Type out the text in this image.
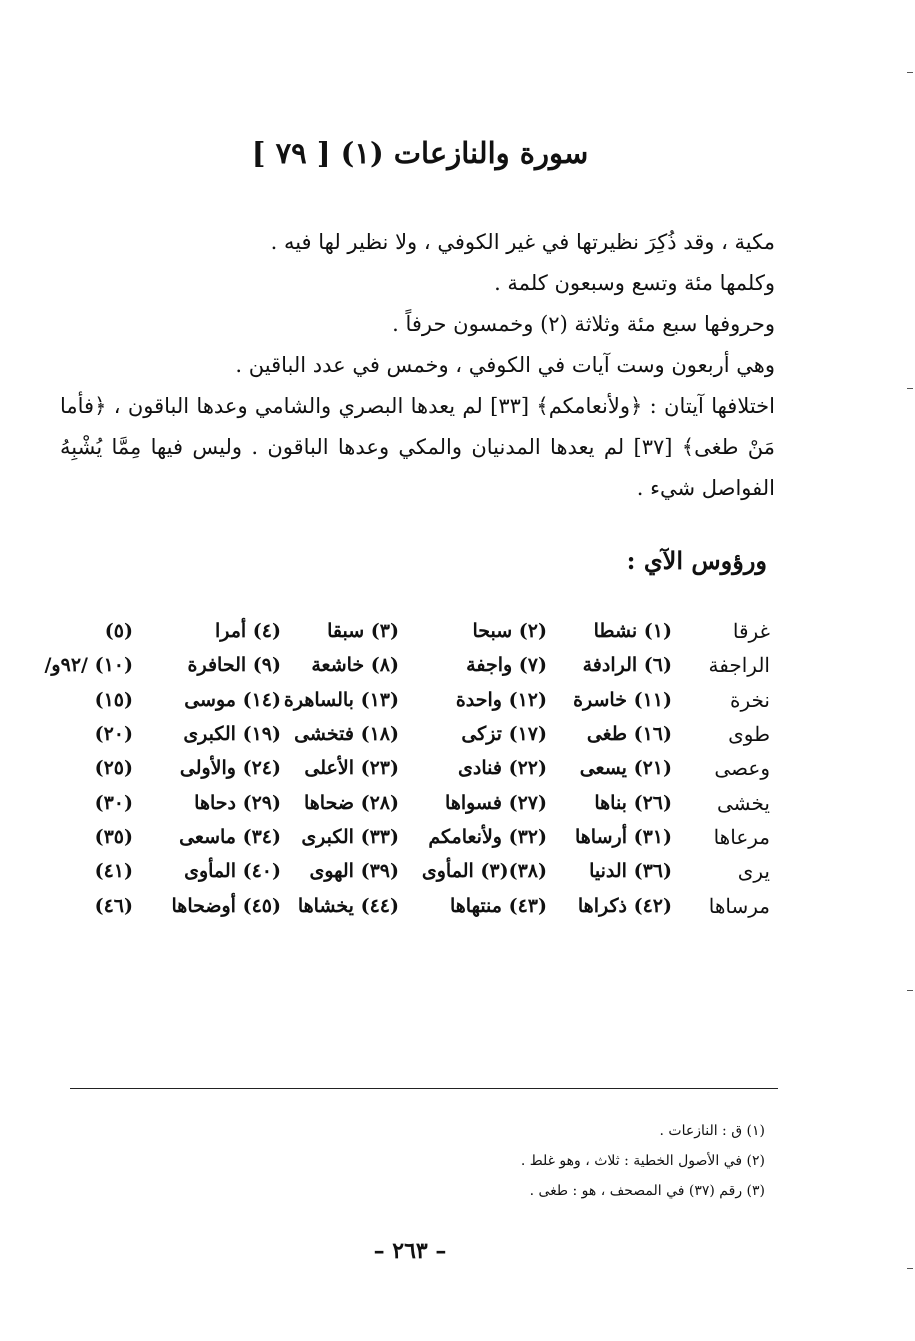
سورة والنازعات (١) [ ٧٩ ]

مكية ، وقد ذُكِرَ نظيرتها في غير الكوفي ، ولا نظير لها فيه .

وكلمها مئة وتسع وسبعون كلمة .

وحروفها سبع مئة وثلاثة (٢) وخمسون حرفاً .

وهي أربعون وست آيات في الكوفي ، وخمس في عدد الباقين .

اختلافها آيتان : ﴿ولأنعامكم﴾ [٣٣] لم يعدها البصري والشامي وعدها الباقون ، ﴿فأما مَنْ طغى﴾ [٣٧] لم يعدها المدنيان والمكي وعدها الباقون . وليس فيها مِمَّا يُشْبِهُ الفواصل شيء .

ورؤوس الآي :
غرقا
(١) نشطا
(٢) سبحا
(٣) سبقا
(٤) أمرا
(٥)
الراجفة
(٦) الرادفة
(٧) واجفة
(٨) خاشعة
(٩) الحافرة
(١٠) /٩٢و/
نخرة
(١١) خاسرة
(١٢) واحدة
(١٣) بالساهرة
(١٤) موسى
(١٥)
طوى
(١٦) طغى
(١٧) تزكى
(١٨) فتخشى
(١٩) الكبرى
(٢٠)
وعصى
(٢١) يسعى
(٢٢) فنادى
(٢٣) الأعلى
(٢٤) والأولى
(٢٥)
يخشى
(٢٦) بناها
(٢٧) فسواها
(٢٨) ضحاها
(٢٩) دحاها
(٣٠)
مرعاها
(٣١) أرساها
(٣٢) ولأنعامكم
(٣٣) الكبرى
(٣٤) ماسعى
(٣٥)
يرى
(٣٦) الدنيا
(٣٨)(٣) المأوى
(٣٩) الهوى
(٤٠) المأوى
(٤١)
مرساها
(٤٢) ذكراها
(٤٣) منتهاها
(٤٤) يخشاها
(٤٥) أوضحاها
(٤٦)

(١) ق : النازعات .

(٢) في الأصول الخطية : ثلاث ، وهو غلط .

(٣) رقم (٣٧) في المصحف ، هو : طغى .

– ٢٦٣ –
